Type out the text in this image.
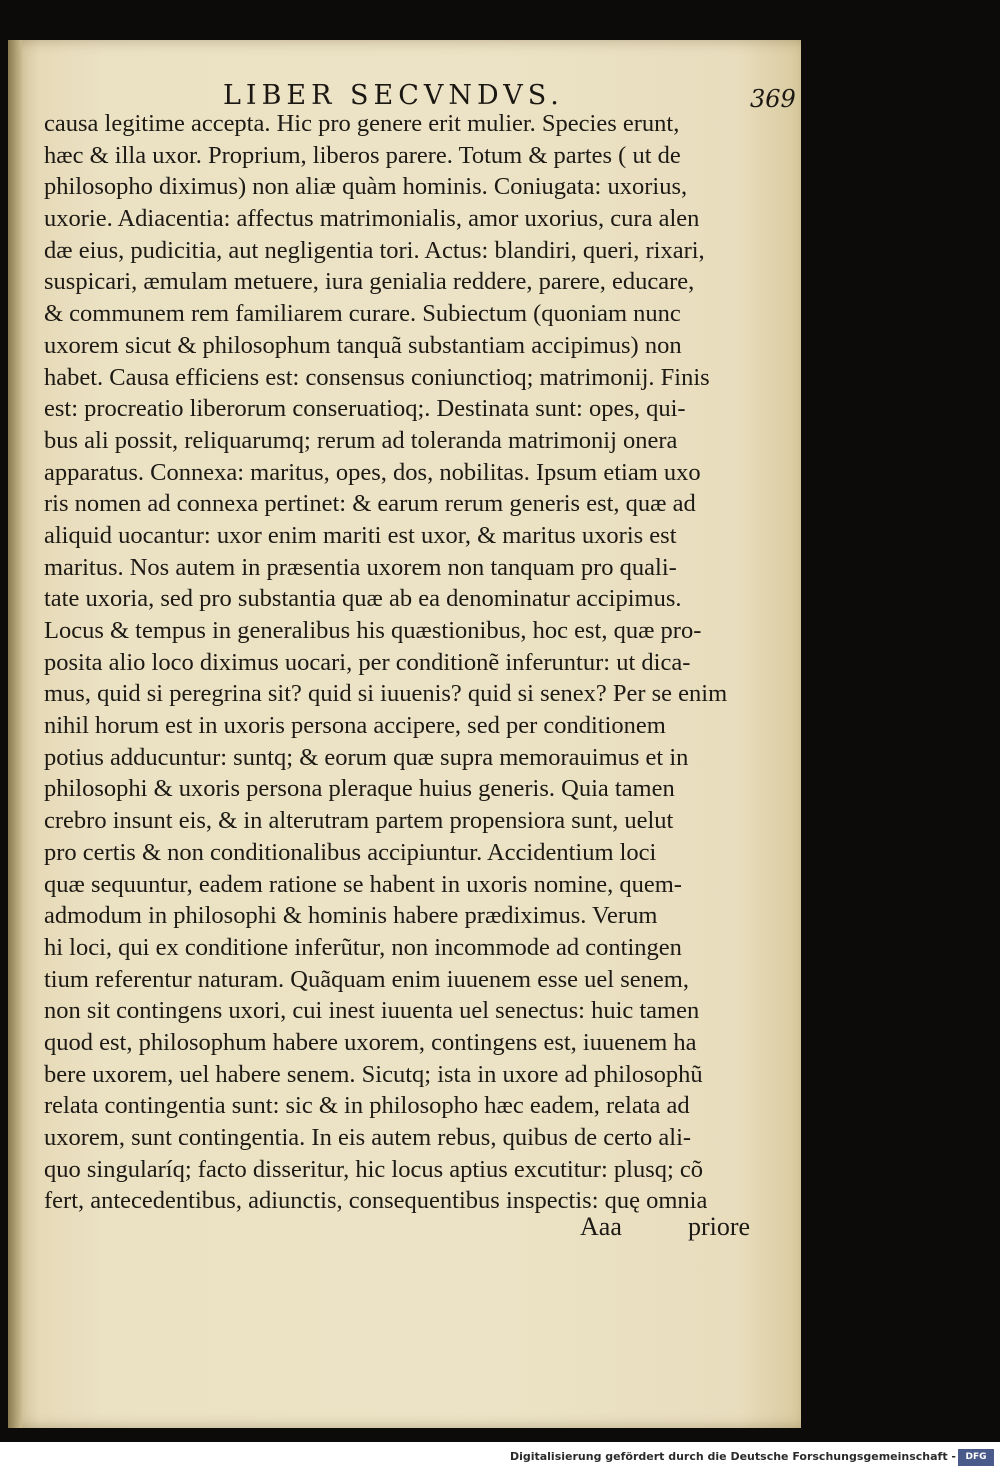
LIBER SECVNDVS.	369
causa legitime accepta. Hic pro genere erit mulier. Species erunt,
hæc & illa uxor. Proprium, liberos parere. Totum & partes ( ut de
philosopho diximus) non aliæ quàm hominis. Coniugata: uxorius,
uxorie. Adiacentia: affectus matrimonialis, amor uxorius, cura alen
dæ eius, pudicitia, aut negligentia tori. Actus: blandiri, queri, rixari,
suspicari, æmulam metuere, iura genialia reddere, parere, educare,
& communem rem familiarem curare. Subiectum (quoniam nunc
uxorem sicut & philosophum tanquã substantiam accipimus) non
habet. Causa efficiens est: consensus coniunctioq; matrimonij. Finis
est: procreatio liberorum conseruatioq;. Destinata sunt: opes, qui-
bus ali possit, reliquarumq; rerum ad toleranda matrimonij onera
apparatus. Connexa: maritus, opes, dos, nobilitas. Ipsum etiam uxo
ris nomen ad connexa pertinet: & earum rerum generis est, quæ ad
aliquid uocantur: uxor enim mariti est uxor, & maritus uxoris est
maritus. Nos autem in præsentia uxorem non tanquam pro quali-
tate uxoria, sed pro substantia quæ ab ea denominatur accipimus.
Locus & tempus in generalibus his quæstionibus, hoc est, quæ pro-
posita alio loco diximus uocari, per conditionẽ inferuntur: ut dica-
mus, quid si peregrina sit? quid si iuuenis? quid si senex? Per se enim
nihil horum est in uxoris persona accipere, sed per conditionem
potius adducuntur: suntq; & eorum quæ supra memorauimus et in
philosophi & uxoris persona pleraque huius generis. Quia tamen
crebro insunt eis, & in alterutram partem propensiora sunt, uelut
pro certis & non conditionalibus accipiuntur. Accidentium loci
quæ sequuntur, eadem ratione se habent in uxoris nomine, quem-
admodum in philosophi & hominis habere prædiximus. Verum
hi loci, qui ex conditione inferũtur, non incommode ad contingen
tium referentur naturam. Quãquam enim iuuenem esse uel senem,
non sit contingens uxori, cui inest iuuenta uel senectus: huic tamen
quod est, philosophum habere uxorem, contingens est, iuuenem ha
bere uxorem, uel habere senem. Sicutq; ista in uxore ad philosophũ
relata contingentia sunt: sic & in philosopho hæc eadem, relata ad
uxorem, sunt contingentia. In eis autem rebus, quibus de certo ali-
quo singularíq; facto disseritur, hic locus aptius excutitur: plusq; cõ
fert, antecedentibus, adiunctis, consequentibus inspectis: quę omnia
Aaa	priore
Digitalisierung gefördert durch die Deutsche Forschungsgemeinschaft -	DFG
